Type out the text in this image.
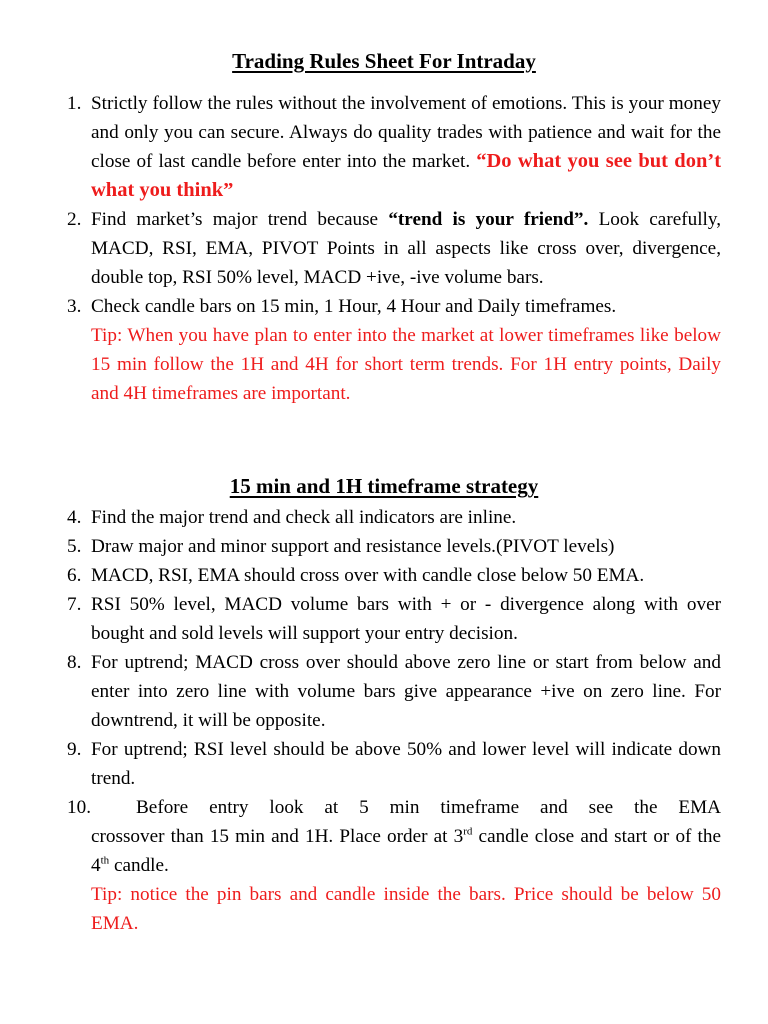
Trading Rules Sheet For Intraday
1. Strictly follow the rules without the involvement of emotions. This is your money and only you can secure. Always do quality trades with patience and wait for the close of last candle before enter into the market. “Do what you see but don’t what you think”
2. Find market’s major trend because “trend is your friend”. Look carefully, MACD, RSI, EMA, PIVOT Points in all aspects like cross over, divergence, double top, RSI 50% level, MACD +ive, -ive volume bars.
3. Check candle bars on 15 min, 1 Hour, 4 Hour and Daily timeframes.
Tip: When you have plan to enter into the market at lower timeframes like below 15 min follow the 1H and 4H for short term trends. For 1H entry points, Daily and 4H timeframes are important.
15 min and 1H timeframe strategy
4. Find the major trend and check all indicators are inline.
5. Draw major and minor support and resistance levels.(PIVOT levels)
6. MACD, RSI, EMA should cross over with candle close below 50 EMA.
7. RSI 50% level, MACD volume bars with + or - divergence along with over bought and sold levels will support your entry decision.
8. For uptrend; MACD cross over should above zero line or start from below and enter into zero line with volume bars give appearance +ive on zero line. For downtrend, it will be opposite.
9. For uptrend; RSI level should be above 50% and lower level will indicate down trend.
10. Before entry look at 5 min timeframe and see the EMA
crossover than 15 min and 1H. Place order at 3rd candle close and start or of the 4th candle.
Tip: notice the pin bars and candle inside the bars. Price should be below 50 EMA.
